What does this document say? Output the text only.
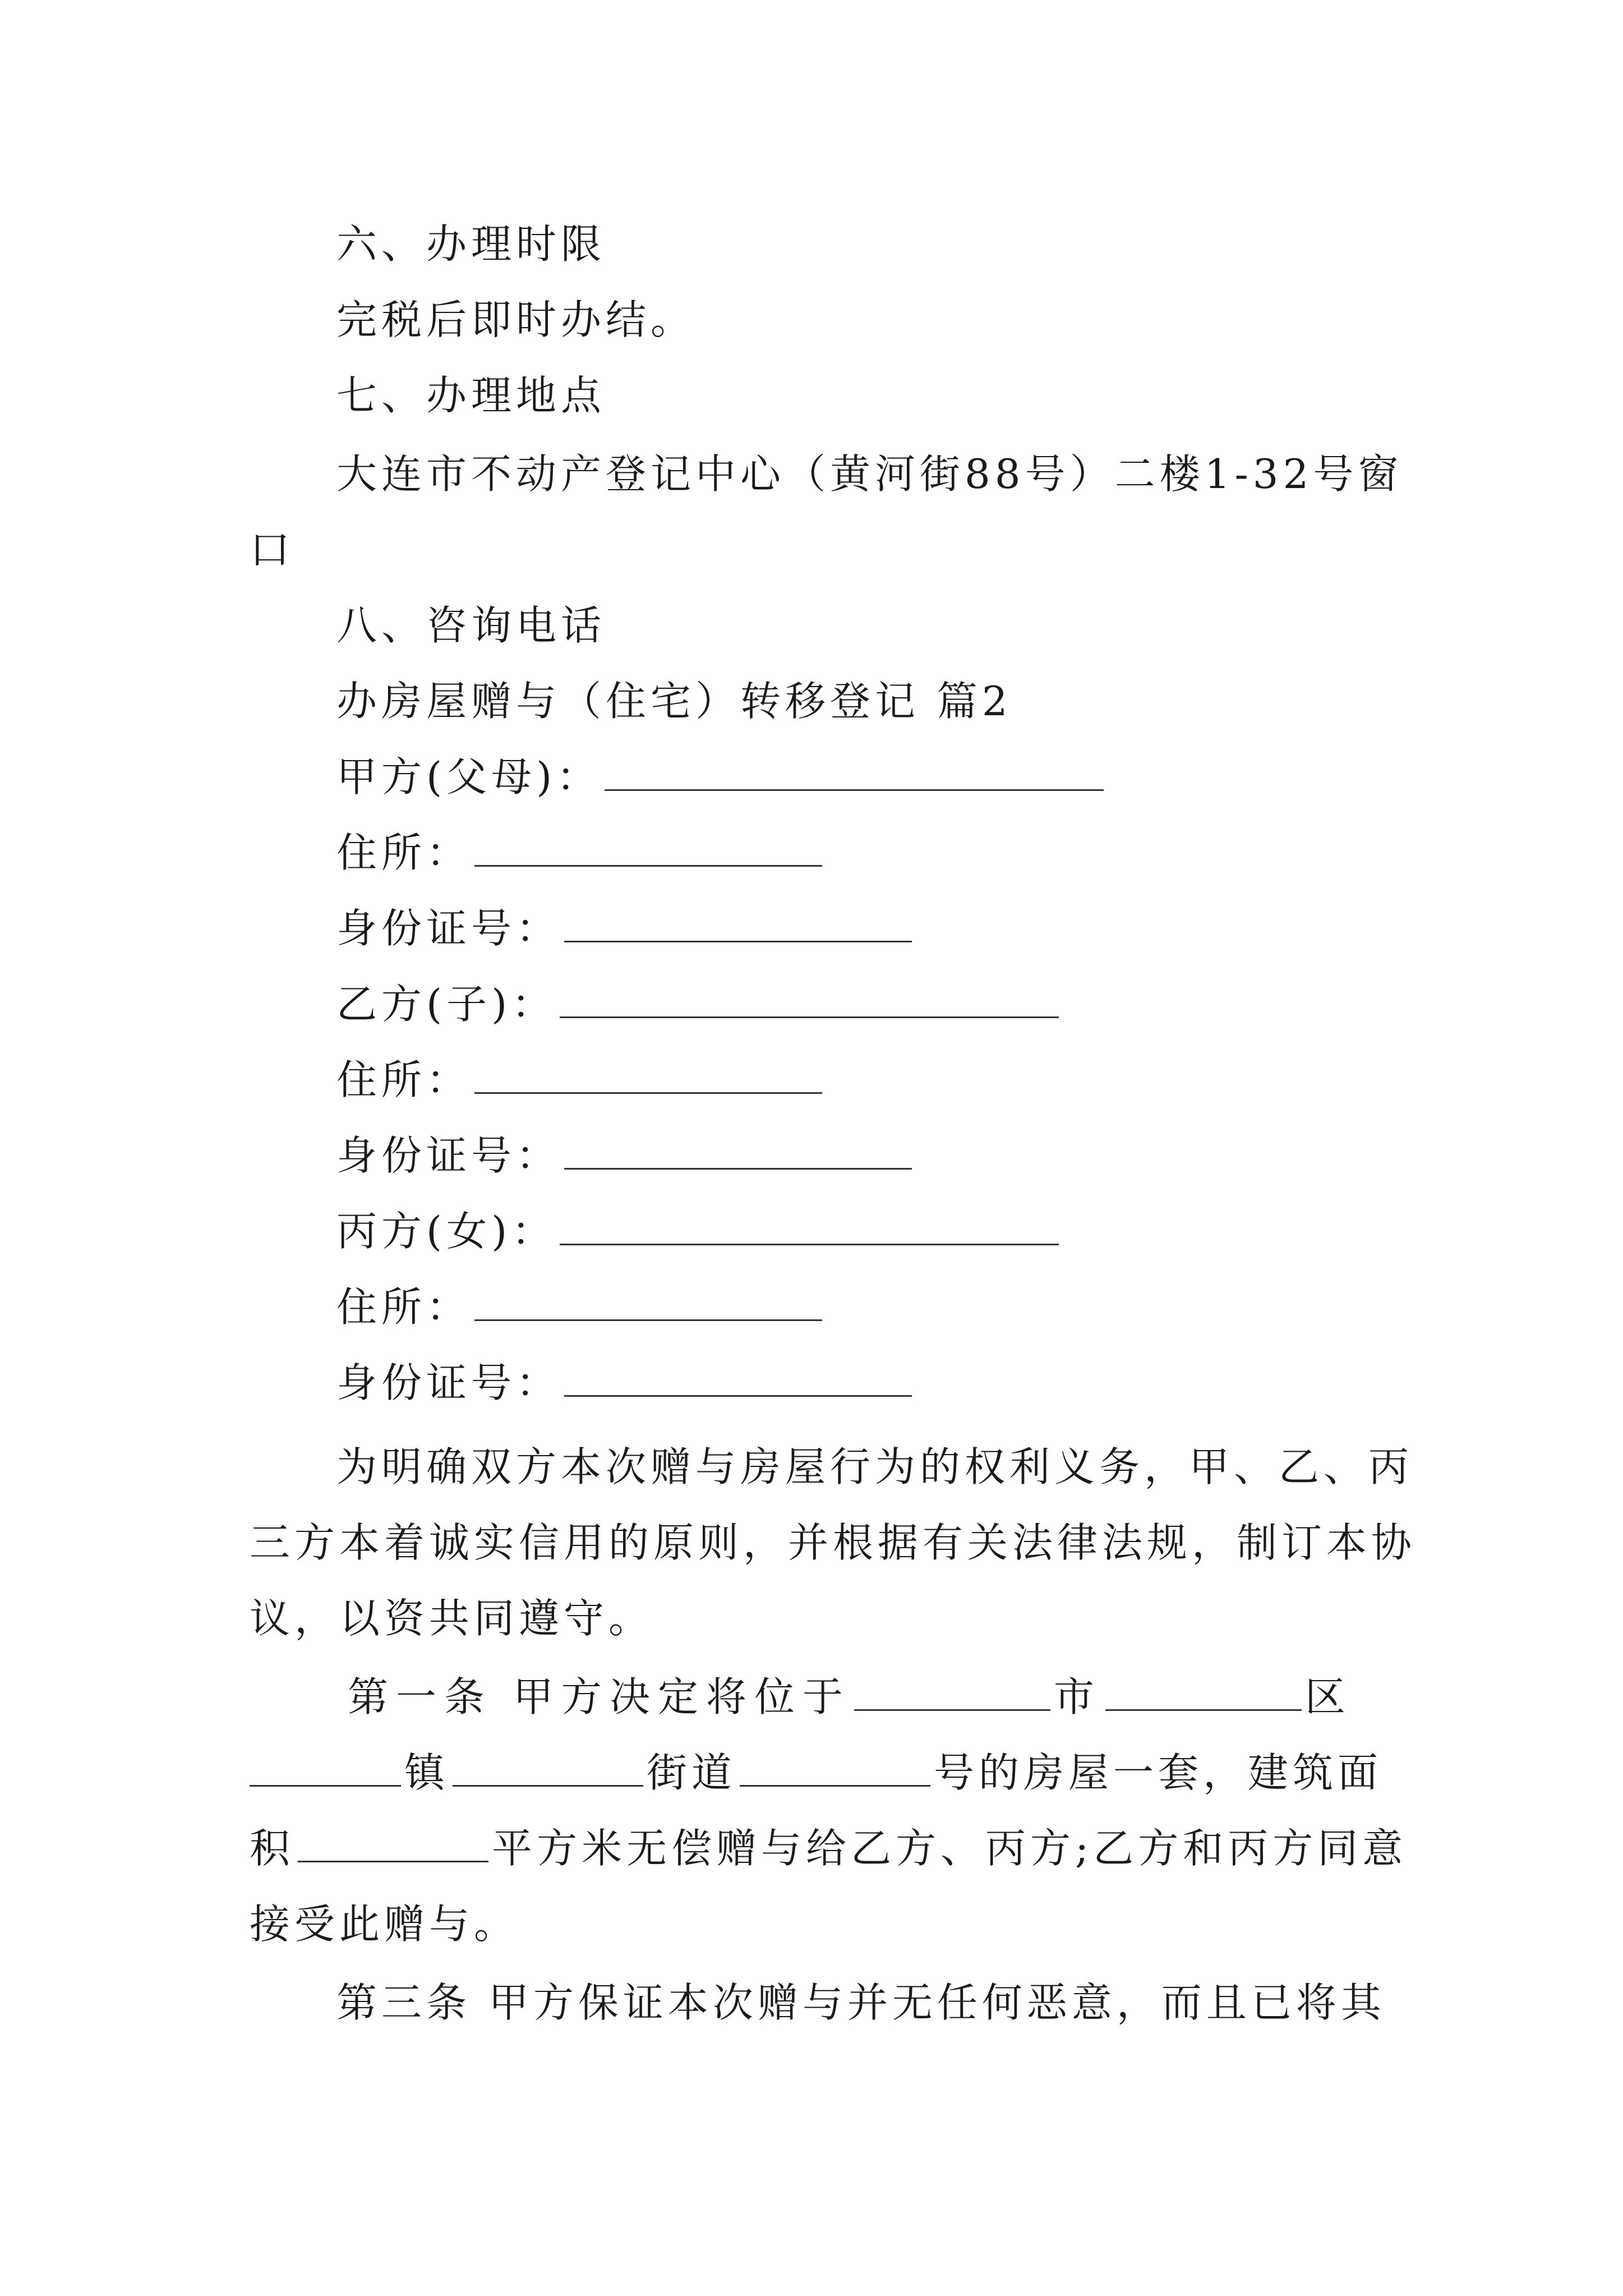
六、办理时限
完税后即时办结。
七、办理地点
大连市不动产登记中心（黄河街88号）二楼1-32号窗
口
八、咨询电话
办房屋赠与（住宅）转移登记 篇2
甲方(父母)：
住所：
身份证号：
乙方(子)：
住所：
身份证号：
丙方(女)：
住所：
身份证号：
为明确双方本次赠与房屋行为的权利义务，甲、乙、丙
三方本着诚实信用的原则，并根据有关法律法规，制订本协
议，以资共同遵守。
第一条 甲方决定将位于	市	区
镇	街道	号的房屋一套，建筑面
积	平方米无偿赠与给乙方、丙方;乙方和丙方同意
接受此赠与。
第三条 甲方保证本次赠与并无任何恶意，而且已将其
